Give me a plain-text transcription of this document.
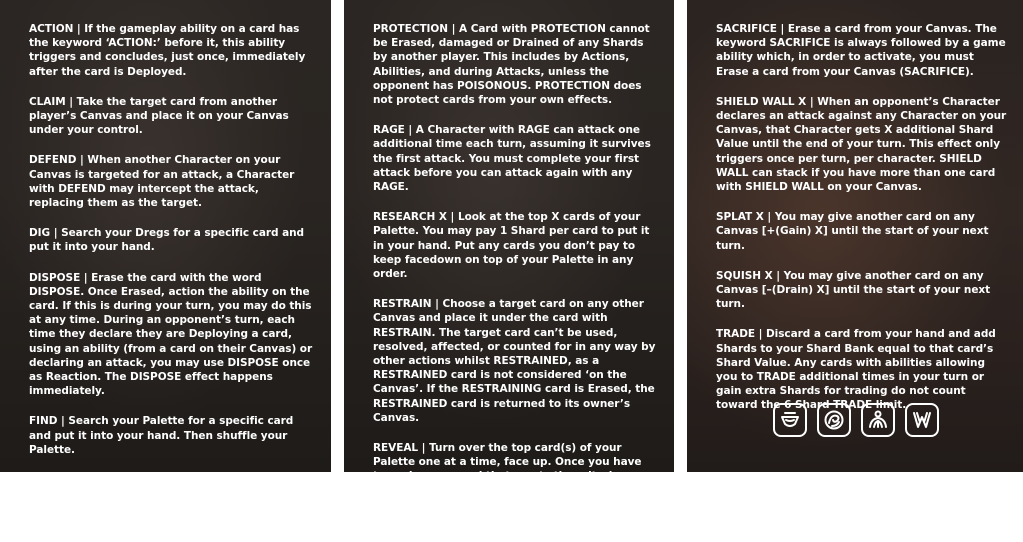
ACTION | If the gameplay ability on a card has the keyword ‘ACTION:’ before it, this ability triggers and concludes, just once, immediately after the card is Deployed.

CLAIM | Take the target card from another player’s Canvas and place it on your Canvas under your control.

DEFEND | When another Character on your Canvas is targeted for an attack, a Character with DEFEND may intercept the attack, replacing them as the target.

DIG | Search your Dregs for a specific card and put it into your hand.

DISPOSE | Erase the card with the word DISPOSE. Once Erased, action the ability on the card. If this is during your turn, you may do this at any time. During an opponent’s turn, each time they declare they are Deploying a card, using an ability (from a card on their Canvas) or declaring an attack, you may use DISPOSE once as Reaction. The DISPOSE effect happens immediately.

FIND | Search your Palette for a specific card and put it into your hand. Then shuffle your Palette.

POISONOUS | Erases any card on a canvas it deals damage to during combat. POISONOUS ignores PROTECTION.

PROTECTION | A Card with PROTECTION cannot be Erased, damaged or Drained of any Shards by another player. This includes by Actions, Abilities, and during Attacks, unless the opponent has POISONOUS. PROTECTION does not protect cards from your own effects.

RAGE | A Character with RAGE can attack one additional time each turn, assuming it survives the first attack. You must complete your first attack before you can attack again with any RAGE.

RESEARCH X | Look at the top X cards of your Palette. You may pay 1 Shard per card to put it in your hand. Put any cards you don’t pay to keep facedown on top of your Palette in any order.

RESTRAIN | Choose a target card on any other Canvas and place it under the card with RESTRAIN. The target card can’t be used, resolved, affected, or counted for in any way by other actions whilst RESTRAINED, as a RESTRAINED card is not considered ‘on the Canvas’. If the RESTRAINING card is Erased, the RESTRAINED card is returned to its owner’s Canvas.

REVEAL | Turn over the top card(s) of your Palette one at a time, face up. Once you have turned over a card that meets the criteria specified by the ability/action, put that card into your hand. Put the overturned cards back into your Palette and shuffle.

SACRIFICE | Erase a card from your Canvas. The keyword SACRIFICE is always followed by a game ability which, in order to activate, you must Erase a card from your Canvas (SACRIFICE).

SHIELD WALL X | When an opponent’s Character declares an attack against any Character on your Canvas, that Character gets X additional Shard Value until the end of your turn. This effect only triggers once per turn, per character. SHIELD WALL can stack if you have more than one card with SHIELD WALL on your Canvas.

SPLAT X | You may give another card on any Canvas [+(Gain) X] until the start of your next turn.

SQUISH X | You may give another card on any Canvas [–(Drain) X] until the start of your next turn.

TRADE | Discard a card from your hand and add Shards to your Shard Bank equal to that card’s Shard Value. Any cards with abilities allowing you to TRADE additional times in your turn or gain extra Shards for trading do not count toward the 6 Shard TRADE limit.
